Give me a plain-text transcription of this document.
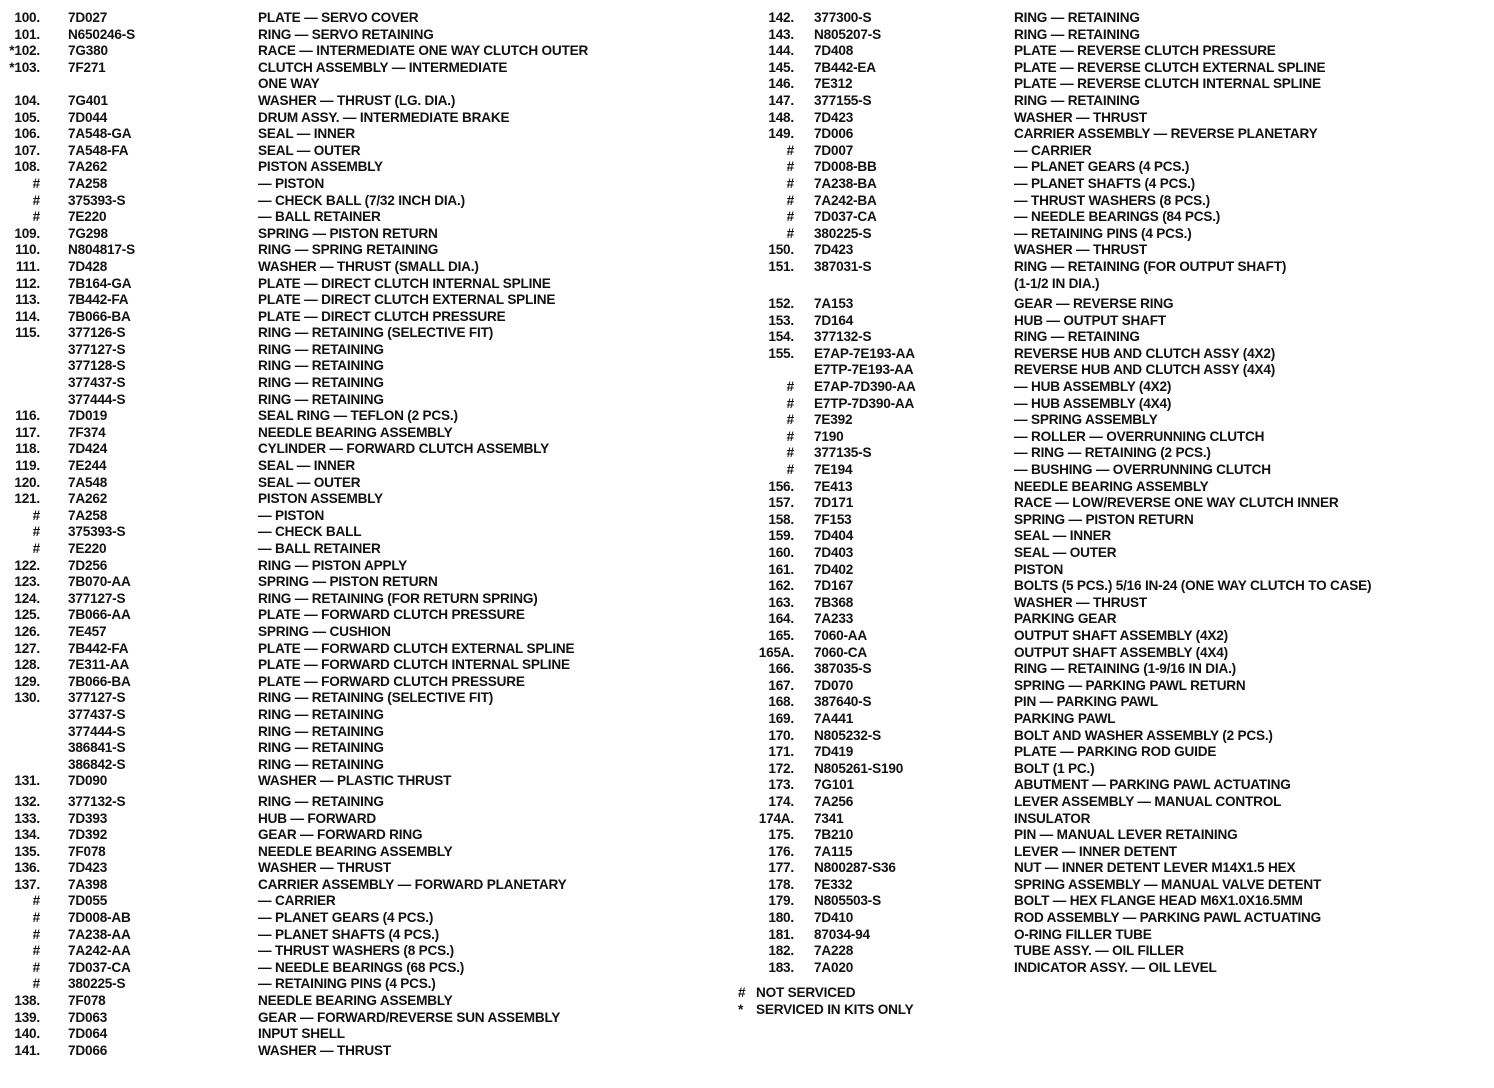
100. 7D027	PLATE — SERVO COVER
101. N650246-S	RING — SERVO RETAINING
*102. 7G380	RACE — INTERMEDIATE ONE WAY CLUTCH OUTER
*103. 7F271	CLUTCH ASSEMBLY — INTERMEDIATE
ONE WAY
104. 7G401	WASHER — THRUST (LG. DIA.)
105. 7D044	DRUM ASSY. — INTERMEDIATE BRAKE
106. 7A548-GA	SEAL — INNER
107. 7A548-FA	SEAL — OUTER
108. 7A262	PISTON ASSEMBLY
# 7A258	— PISTON
# 375393-S	— CHECK BALL (7/32 INCH DIA.)
# 7E220	— BALL RETAINER
109. 7G298	SPRING — PISTON RETURN
110. N804817-S	RING — SPRING RETAINING
111. 7D428	WASHER — THRUST (SMALL DIA.)
112. 7B164-GA	PLATE — DIRECT CLUTCH INTERNAL SPLINE
113. 7B442-FA	PLATE — DIRECT CLUTCH EXTERNAL SPLINE
114. 7B066-BA	PLATE — DIRECT CLUTCH PRESSURE
115. 377126-S	RING — RETAINING (SELECTIVE FIT)
377127-S	RING — RETAINING
377128-S	RING — RETAINING
377437-S	RING — RETAINING
377444-S	RING — RETAINING
116. 7D019	SEAL RING — TEFLON (2 PCS.)
117. 7F374	NEEDLE BEARING ASSEMBLY
118. 7D424	CYLINDER — FORWARD CLUTCH ASSEMBLY
119. 7E244	SEAL — INNER
120. 7A548	SEAL — OUTER
121. 7A262	PISTON ASSEMBLY
# 7A258	— PISTON
# 375393-S	— CHECK BALL
# 7E220	— BALL RETAINER
122. 7D256	RING — PISTON APPLY
123. 7B070-AA	SPRING — PISTON RETURN
124. 377127-S	RING — RETAINING (FOR RETURN SPRING)
125. 7B066-AA	PLATE — FORWARD CLUTCH PRESSURE
126. 7E457	SPRING — CUSHION
127. 7B442-FA	PLATE — FORWARD CLUTCH EXTERNAL SPLINE
128. 7E311-AA	PLATE — FORWARD CLUTCH INTERNAL SPLINE
129. 7B066-BA	PLATE — FORWARD CLUTCH PRESSURE
130. 377127-S	RING — RETAINING (SELECTIVE FIT)
377437-S	RING — RETAINING
377444-S	RING — RETAINING
386841-S	RING — RETAINING
386842-S	RING — RETAINING
131. 7D090	WASHER — PLASTIC THRUST
132. 377132-S	RING — RETAINING
133. 7D393	HUB — FORWARD
134. 7D392	GEAR — FORWARD RING
135. 7F078	NEEDLE BEARING ASSEMBLY
136. 7D423	WASHER — THRUST
137. 7A398	CARRIER ASSEMBLY — FORWARD PLANETARY
# 7D055	— CARRIER
# 7D008-AB	— PLANET GEARS (4 PCS.)
# 7A238-AA	— PLANET SHAFTS (4 PCS.)
# 7A242-AA	— THRUST WASHERS (8 PCS.)
# 7D037-CA	— NEEDLE BEARINGS (68 PCS.)
# 380225-S	— RETAINING PINS (4 PCS.)
138. 7F078	NEEDLE BEARING ASSEMBLY
139. 7D063	GEAR — FORWARD/REVERSE SUN ASSEMBLY
140. 7D064	INPUT SHELL
141. 7D066	WASHER — THRUST
142. 377300-S	RING — RETAINING
143. N805207-S	RING — RETAINING
144. 7D408	PLATE — REVERSE CLUTCH PRESSURE
145. 7B442-EA	PLATE — REVERSE CLUTCH EXTERNAL SPLINE
146. 7E312	PLATE — REVERSE CLUTCH INTERNAL SPLINE
147. 377155-S	RING — RETAINING
148. 7D423	WASHER — THRUST
149. 7D006	CARRIER ASSEMBLY — REVERSE PLANETARY
# 7D007	— CARRIER
# 7D008-BB	— PLANET GEARS (4 PCS.)
# 7A238-BA	— PLANET SHAFTS (4 PCS.)
# 7A242-BA	— THRUST WASHERS (8 PCS.)
# 7D037-CA	— NEEDLE BEARINGS (84 PCS.)
# 380225-S	— RETAINING PINS (4 PCS.)
150. 7D423	WASHER — THRUST
151. 387031-S	RING — RETAINING (FOR OUTPUT SHAFT)
(1-1/2 IN DIA.)
152. 7A153	GEAR — REVERSE RING
153. 7D164	HUB — OUTPUT SHAFT
154. 377132-S	RING — RETAINING
155. E7AP-7E193-AA	REVERSE HUB AND CLUTCH ASSY (4X2)
E7TP-7E193-AA	REVERSE HUB AND CLUTCH ASSY (4X4)
# E7AP-7D390-AA	— HUB ASSEMBLY (4X2)
# E7TP-7D390-AA	— HUB ASSEMBLY (4X4)
# 7E392	— SPRING ASSEMBLY
# 7190	— ROLLER — OVERRUNNING CLUTCH
# 377135-S	— RING — RETAINING (2 PCS.)
# 7E194	— BUSHING — OVERRUNNING CLUTCH
156. 7E413	NEEDLE BEARING ASSEMBLY
157. 7D171	RACE — LOW/REVERSE ONE WAY CLUTCH INNER
158. 7F153	SPRING — PISTON RETURN
159. 7D404	SEAL — INNER
160. 7D403	SEAL — OUTER
161. 7D402	PISTON
162. 7D167	BOLTS (5 PCS.) 5/16 IN-24 (ONE WAY CLUTCH TO CASE)
163. 7B368	WASHER — THRUST
164. 7A233	PARKING GEAR
165. 7060-AA	OUTPUT SHAFT ASSEMBLY (4X2)
165A. 7060-CA	OUTPUT SHAFT ASSEMBLY (4X4)
166. 387035-S	RING — RETAINING (1-9/16 IN DIA.)
167. 7D070	SPRING — PARKING PAWL RETURN
168. 387640-S	PIN — PARKING PAWL
169. 7A441	PARKING PAWL
170. N805232-S	BOLT AND WASHER ASSEMBLY (2 PCS.)
171. 7D419	PLATE — PARKING ROD GUIDE
172. N805261-S190	BOLT (1 PC.)
173. 7G101	ABUTMENT — PARKING PAWL ACTUATING
174. 7A256	LEVER ASSEMBLY — MANUAL CONTROL
174A. 7341	INSULATOR
175. 7B210	PIN — MANUAL LEVER RETAINING
176. 7A115	LEVER — INNER DETENT
177. N800287-S36	NUT — INNER DETENT LEVER M14X1.5 HEX
178. 7E332	SPRING ASSEMBLY — MANUAL VALVE DETENT
179. N805503-S	BOLT — HEX FLANGE HEAD M6X1.0X16.5MM
180. 7D410	ROD ASSEMBLY — PARKING PAWL ACTUATING
181. 87034-94	O-RING FILLER TUBE
182. 7A228	TUBE ASSY. — OIL FILLER
183. 7A020	INDICATOR ASSY. — OIL LEVEL
# NOT SERVICED
* SERVICED IN KITS ONLY
